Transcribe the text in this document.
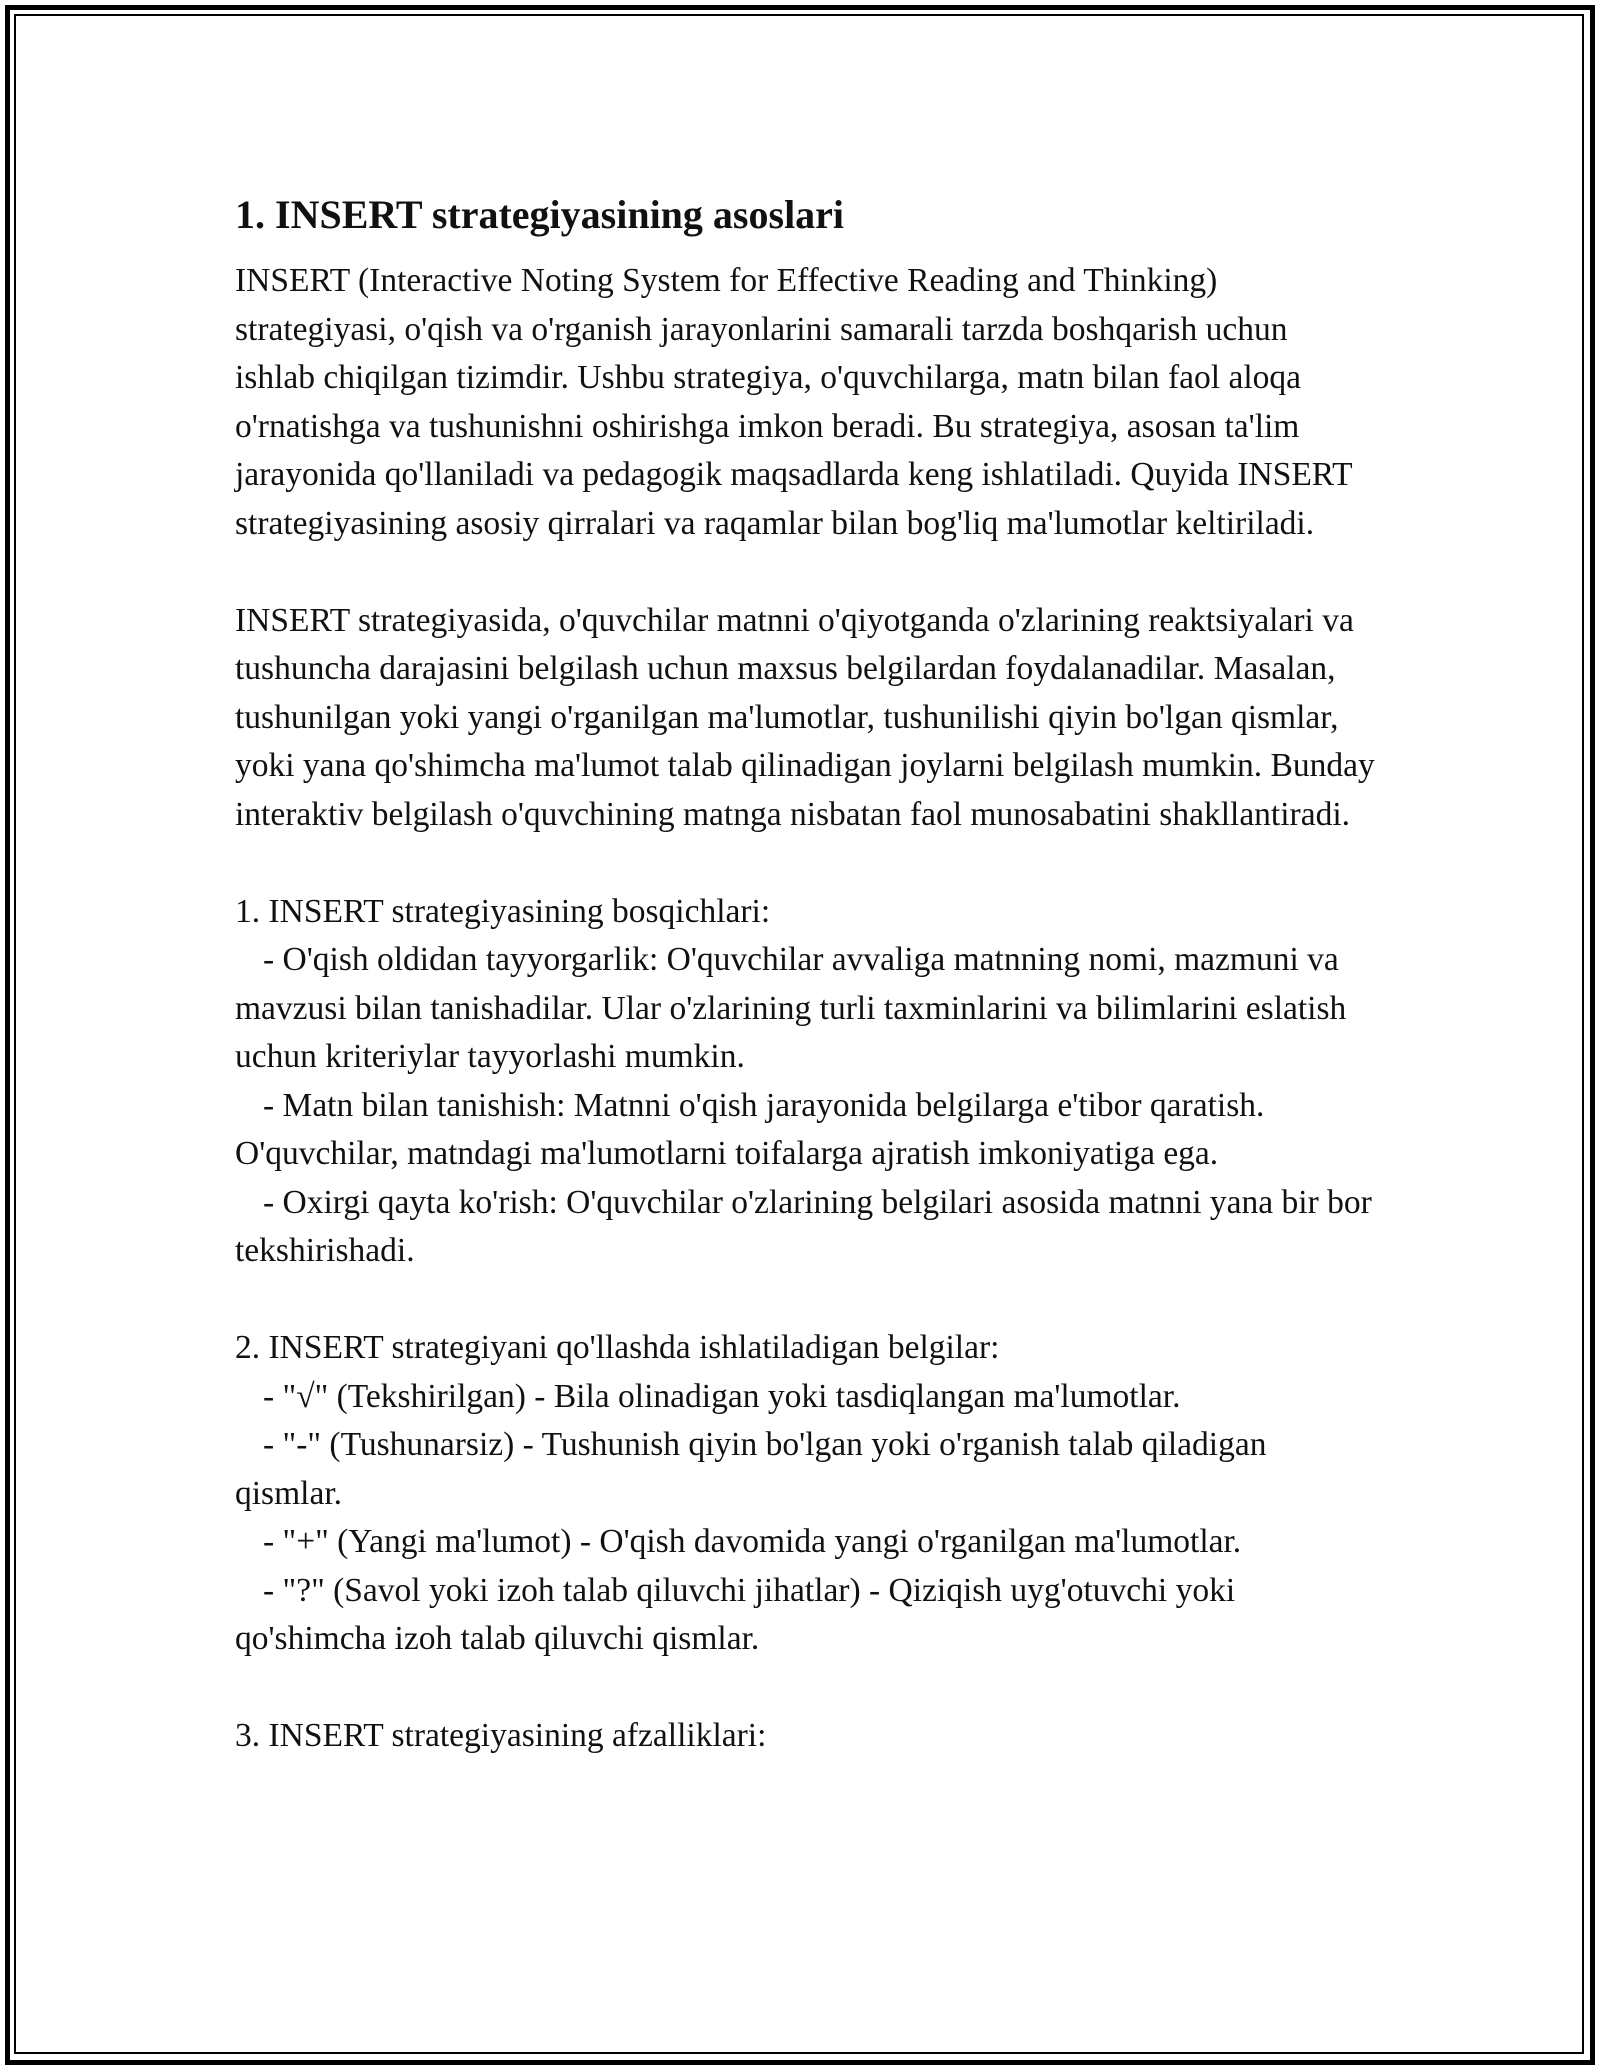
1. INSERT strategiyasining asoslari

INSERT (Interactive Noting System for Effective Reading and Thinking) strategiyasi, o'qish va o'rganish jarayonlarini samarali tarzda boshqarish uchun ishlab chiqilgan tizimdir. Ushbu strategiya, o'quvchilarga, matn bilan faol aloqa o'rnatishga va tushunishni oshirishga imkon beradi. Bu strategiya, asosan ta'lim jarayonida qo'llaniladi va pedagogik maqsadlarda keng ishlatiladi. Quyida INSERT strategiyasining asosiy qirralari va raqamlar bilan bog'liq ma'lumotlar keltiriladi.

INSERT strategiyasida, o'quvchilar matnni o'qiyotganda o'zlarining reaktsiyalari va tushuncha darajasini belgilash uchun maxsus belgilardan foydalanadilar. Masalan, tushunilgan yoki yangi o'rganilgan ma'lumotlar, tushunilishi qiyin bo'lgan qismlar, yoki yana qo'shimcha ma'lumot talab qilinadigan joylarni belgilash mumkin. Bunday interaktiv belgilash o'quvchining matnga nisbatan faol munosabatini shakllantiradi.

1. INSERT strategiyasining bosqichlari:

- O'qish oldidan tayyorgarlik: O'quvchilar avvaliga matnning nomi, mazmuni va mavzusi bilan tanishadilar. Ular o'zlarining turli taxminlarini va bilimlarini eslatish uchun kriteriylar tayyorlashi mumkin.

- Matn bilan tanishish: Matnni o'qish jarayonida belgilarga e'tibor qaratish. O'quvchilar, matndagi ma'lumotlarni toifalarga ajratish imkoniyatiga ega.

- Oxirgi qayta ko'rish: O'quvchilar o'zlarining belgilari asosida matnni yana bir bor tekshirishadi.

2. INSERT strategiyani qo'llashda ishlatiladigan belgilar:

- "√" (Tekshirilgan) - Bila olinadigan yoki tasdiqlangan ma'lumotlar.

- "-" (Tushunarsiz) - Tushunish qiyin bo'lgan yoki o'rganish talab qiladigan qismlar.

- "+" (Yangi ma'lumot) - O'qish davomida yangi o'rganilgan ma'lumotlar.

- "?" (Savol yoki izoh talab qiluvchi jihatlar) - Qiziqish uyg'otuvchi yoki qo'shimcha izoh talab qiluvchi qismlar.

3. INSERT strategiyasining afzalliklari:
